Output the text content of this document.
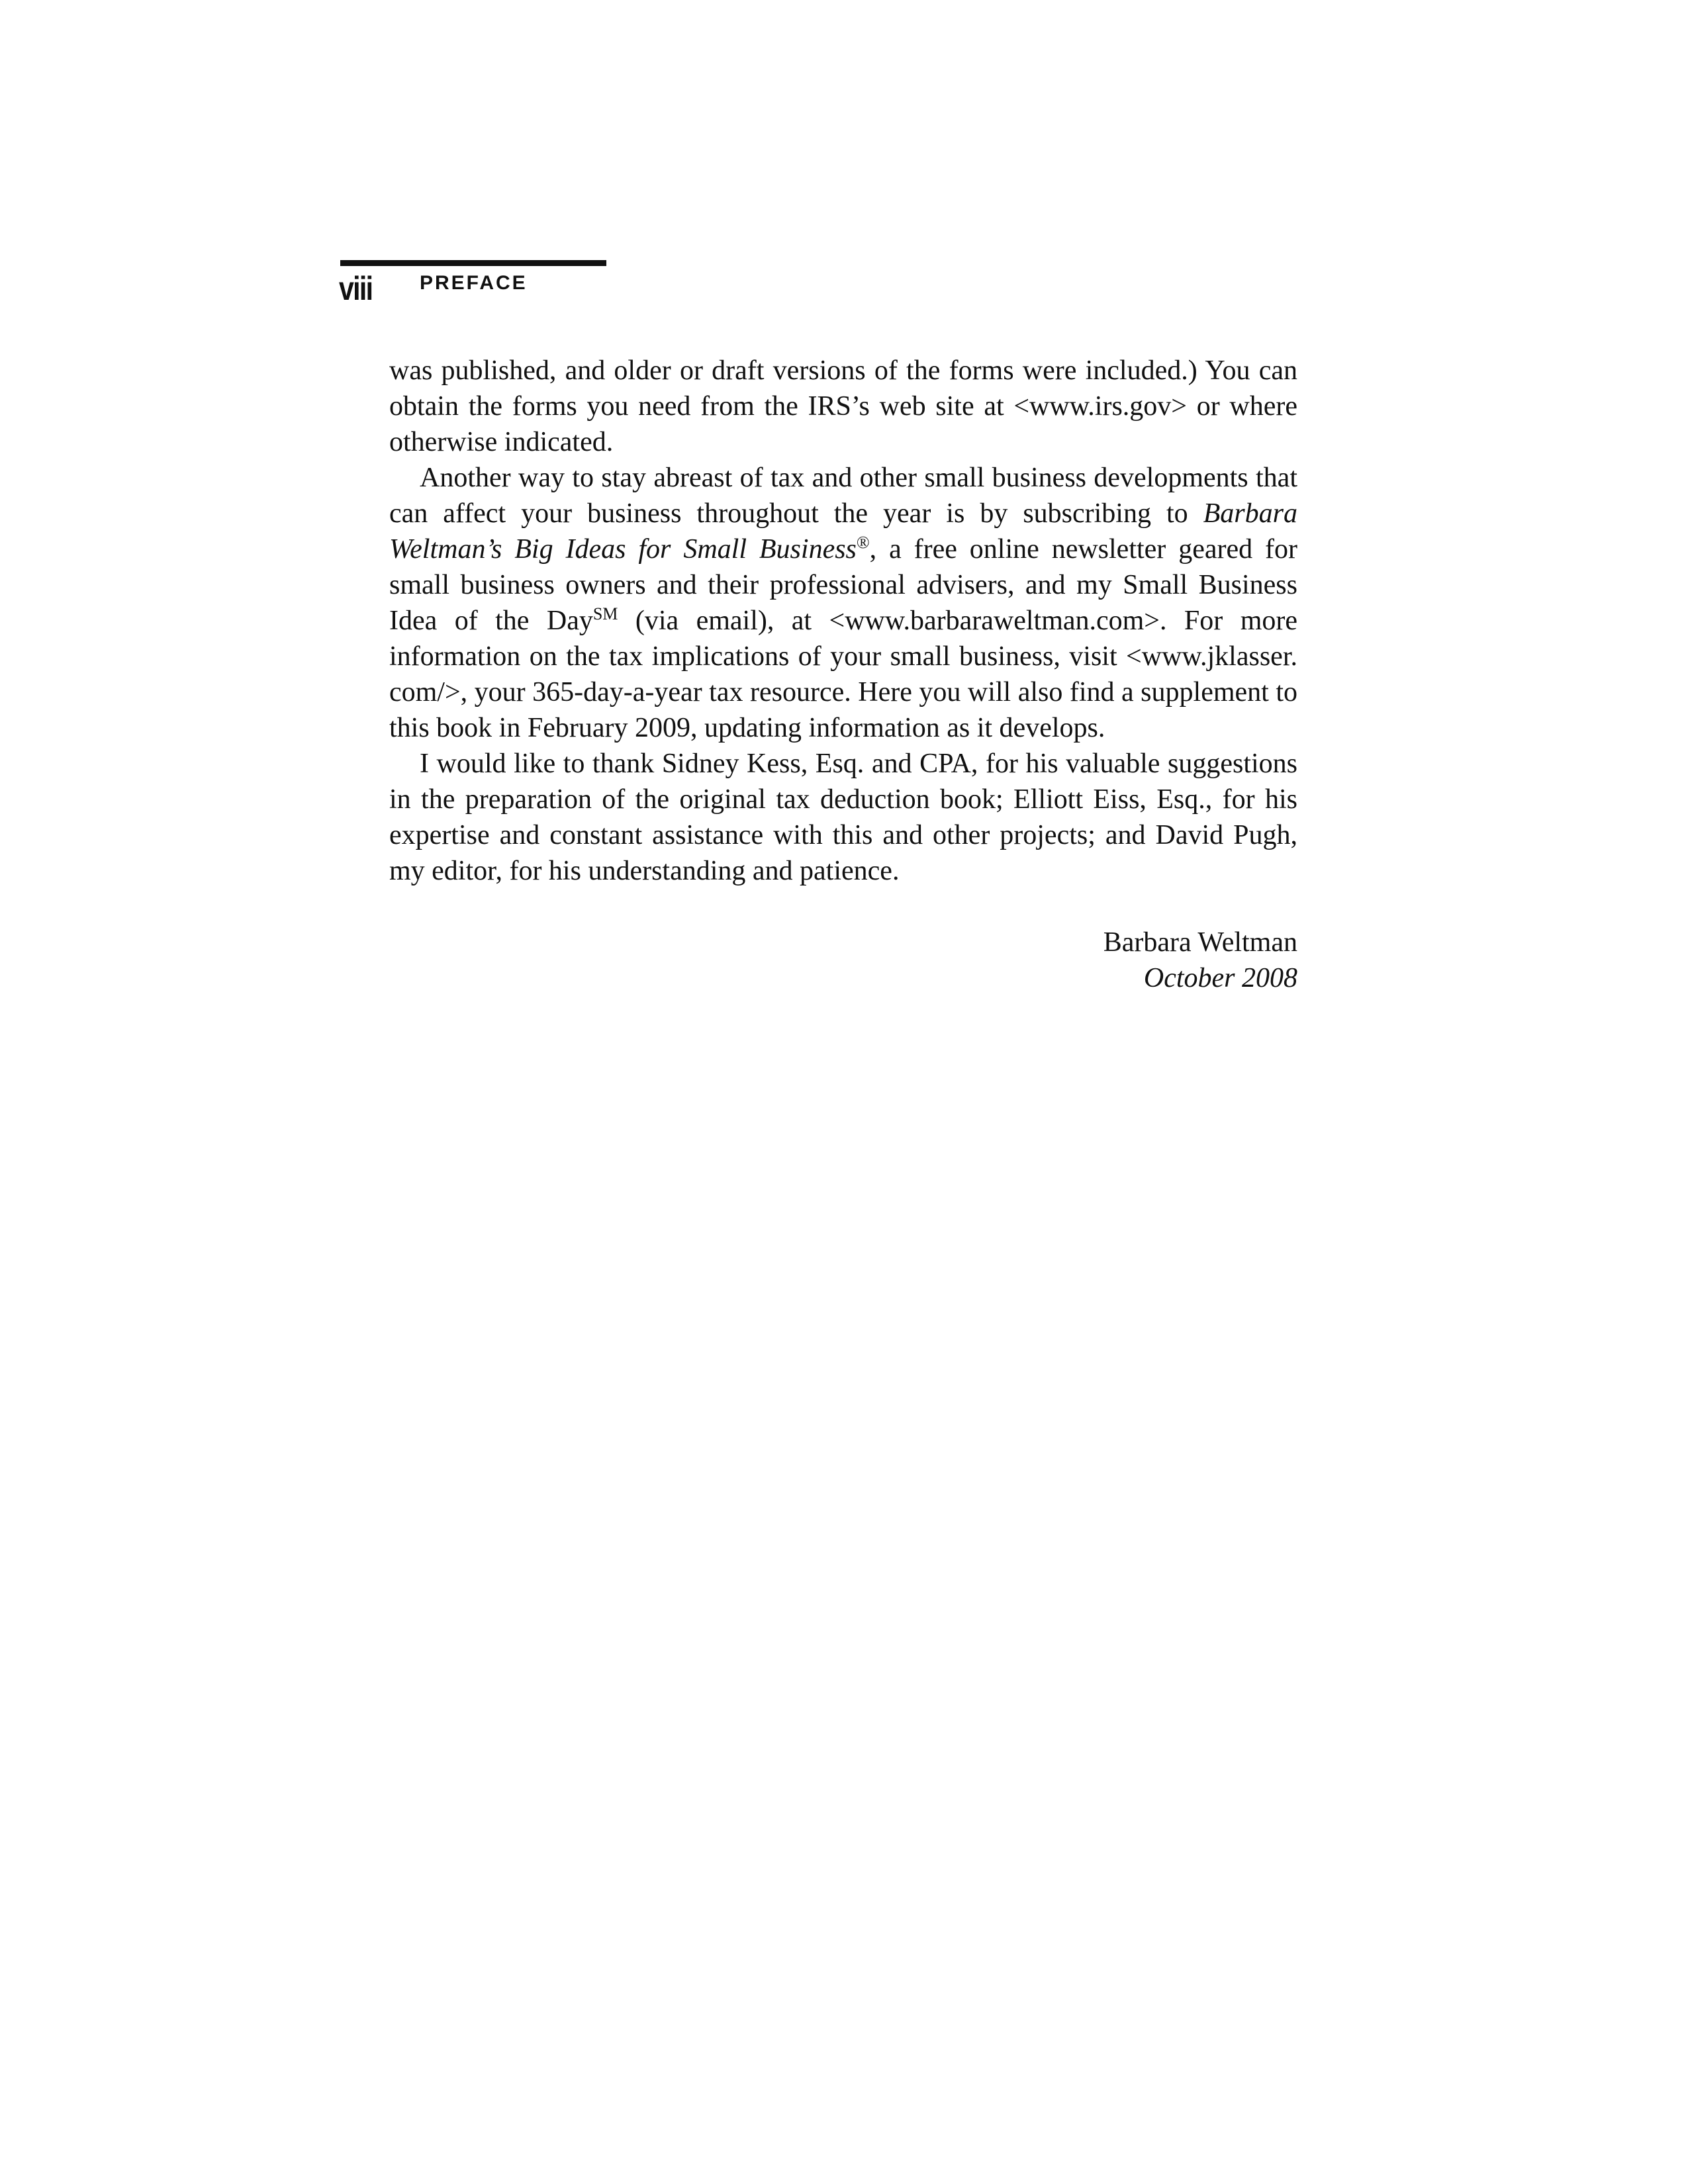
viii PREFACE

was published, and older or draft versions of the forms were included.) You can obtain the forms you need from the IRS’s web site at <www.irs.gov> or where otherwise indicated.

Another way to stay abreast of tax and other small business developments that can affect your business throughout the year is by subscribing to Barbara Weltman’s Big Ideas for Small Business®, a free online newsletter geared for small business owners and their professional advisers, and my Small Business Idea of the Day℠ (via email), at <www.barbaraweltman.com>. For more information on the tax implications of your small business, visit <www.jklasser. com/>, your 365-day-a-year tax resource. Here you will also find a supplement to this book in February 2009, updating information as it develops.

I would like to thank Sidney Kess, Esq. and CPA, for his valuable suggestions in the preparation of the original tax deduction book; Elliott Eiss, Esq., for his expertise and constant assistance with this and other projects; and David Pugh, my editor, for his understanding and patience.

Barbara Weltman
October 2008
